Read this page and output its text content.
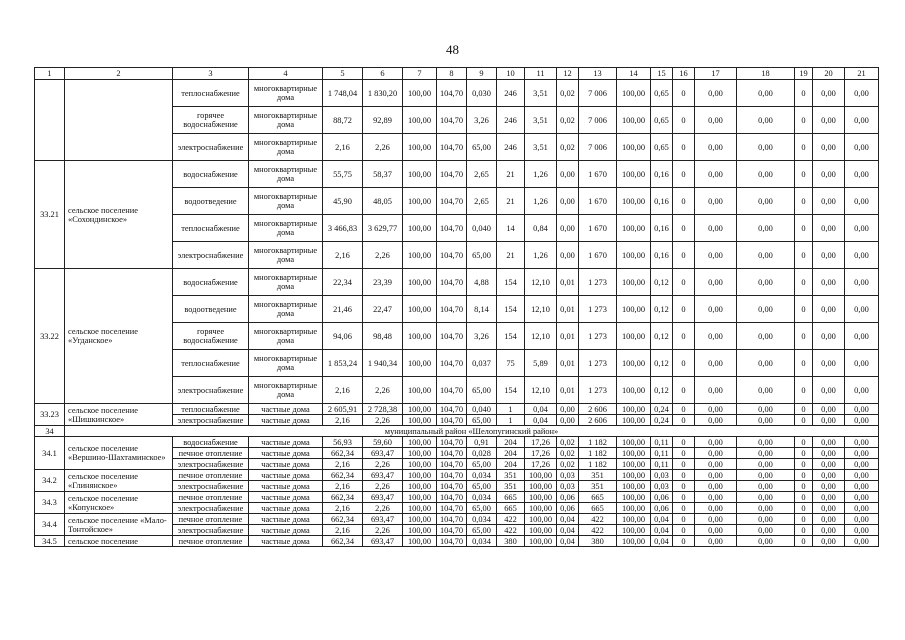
48
1	2	3	4	5	6	7	8	9	10	11	12	13	14	15	16	17	18	19	20	21
		теплоснабжение	многоквартирные дома	1 748,04	1 830,20	100,00	104,70	0,030	246	3,51	0,02	7 006	100,00	0,65	0	0,00	0,00	0	0,00	0,00
		горячее водоснабжение	многоквартирные дома	88,72	92,89	100,00	104,70	3,26	246	3,51	0,02	7 006	100,00	0,65	0	0,00	0,00	0	0,00	0,00
		электроснабжение	многоквартирные дома	2,16	2,26	100,00	104,70	65,00	246	3,51	0,02	7 006	100,00	0,65	0	0,00	0,00	0	0,00	0,00
33.21	сельское поселение «Сохондинское»	водоснабжение	многоквартирные дома	55,75	58,37	100,00	104,70	2,65	21	1,26	0,00	1 670	100,00	0,16	0	0,00	0,00	0	0,00	0,00
		водоотведение	многоквартирные дома	45,90	48,05	100,00	104,70	2,65	21	1,26	0,00	1 670	100,00	0,16	0	0,00	0,00	0	0,00	0,00
		теплоснабжение	многоквартирные дома	3 466,83	3 629,77	100,00	104,70	0,040	14	0,84	0,00	1 670	100,00	0,16	0	0,00	0,00	0	0,00	0,00
		электроснабжение	многоквартирные дома	2,16	2,26	100,00	104,70	65,00	21	1,26	0,00	1 670	100,00	0,16	0	0,00	0,00	0	0,00	0,00
33.22	сельское поселение «Угданское»	водоснабжение	многоквартирные дома	22,34	23,39	100,00	104,70	4,88	154	12,10	0,01	1 273	100,00	0,12	0	0,00	0,00	0	0,00	0,00
		водоотведение	многоквартирные дома	21,46	22,47	100,00	104,70	8,14	154	12,10	0,01	1 273	100,00	0,12	0	0,00	0,00	0	0,00	0,00
		горячее водоснабжение	многоквартирные дома	94,06	98,48	100,00	104,70	3,26	154	12,10	0,01	1 273	100,00	0,12	0	0,00	0,00	0	0,00	0,00
		теплоснабжение	многоквартирные дома	1 853,24	1 940,34	100,00	104,70	0,037	75	5,89	0,01	1 273	100,00	0,12	0	0,00	0,00	0	0,00	0,00
		электроснабжение	многоквартирные дома	2,16	2,26	100,00	104,70	65,00	154	12,10	0,01	1 273	100,00	0,12	0	0,00	0,00	0	0,00	0,00
33.23	сельское поселение «Шишкинское»	теплоснабжение	частные дома	2 605,91	2 728,38	100,00	104,70	0,040	1	0,04	0,00	2 606	100,00	0,24	0	0,00	0,00	0	0,00	0,00
		электроснабжение	частные дома	2,16	2,26	100,00	104,70	65,00	1	0,04	0,00	2 606	100,00	0,24	0	0,00	0,00	0	0,00	0,00
34	муниципальный район «Шелопугинский район»																			
34.1	сельское поселение «Вершино-Шахтаминское»	водоснабжение	частные дома	56,93	59,60	100,00	104,70	0,91	204	17,26	0,02	1 182	100,00	0,11	0	0,00	0,00	0	0,00	0,00
		печное отопление	частные дома	662,34	693,47	100,00	104,70	0,028	204	17,26	0,02	1 182	100,00	0,11	0	0,00	0,00	0	0,00	0,00
		электроснабжение	частные дома	2,16	2,26	100,00	104,70	65,00	204	17,26	0,02	1 182	100,00	0,11	0	0,00	0,00	0	0,00	0,00
34.2	сельское поселение «Глинянское»	печное отопление	частные дома	662,34	693,47	100,00	104,70	0,034	351	100,00	0,03	351	100,00	0,03	0	0,00	0,00	0	0,00	0,00
		электроснабжение	частные дома	2,16	2,26	100,00	104,70	65,00	351	100,00	0,03	351	100,00	0,03	0	0,00	0,00	0	0,00	0,00
34.3	сельское поселение «Копунское»	печное отопление	частные дома	662,34	693,47	100,00	104,70	0,034	665	100,00	0,06	665	100,00	0,06	0	0,00	0,00	0	0,00	0,00
		электроснабжение	частные дома	2,16	2,26	100,00	104,70	65,00	665	100,00	0,06	665	100,00	0,06	0	0,00	0,00	0	0,00	0,00
34.4	сельское поселение «Мало-Тонтойское»	печное отопление	частные дома	662,34	693,47	100,00	104,70	0,034	422	100,00	0,04	422	100,00	0,04	0	0,00	0,00	0	0,00	0,00
		электроснабжение	частные дома	2,16	2,26	100,00	104,70	65,00	422	100,00	0,04	422	100,00	0,04	0	0,00	0,00	0	0,00	0,00
34.5	сельское поселение	печное отопление	частные дома	662,34	693,47	100,00	104,70	0,034	380	100,00	0,04	380	100,00	0,04	0	0,00	0,00	0	0,00	0,00
